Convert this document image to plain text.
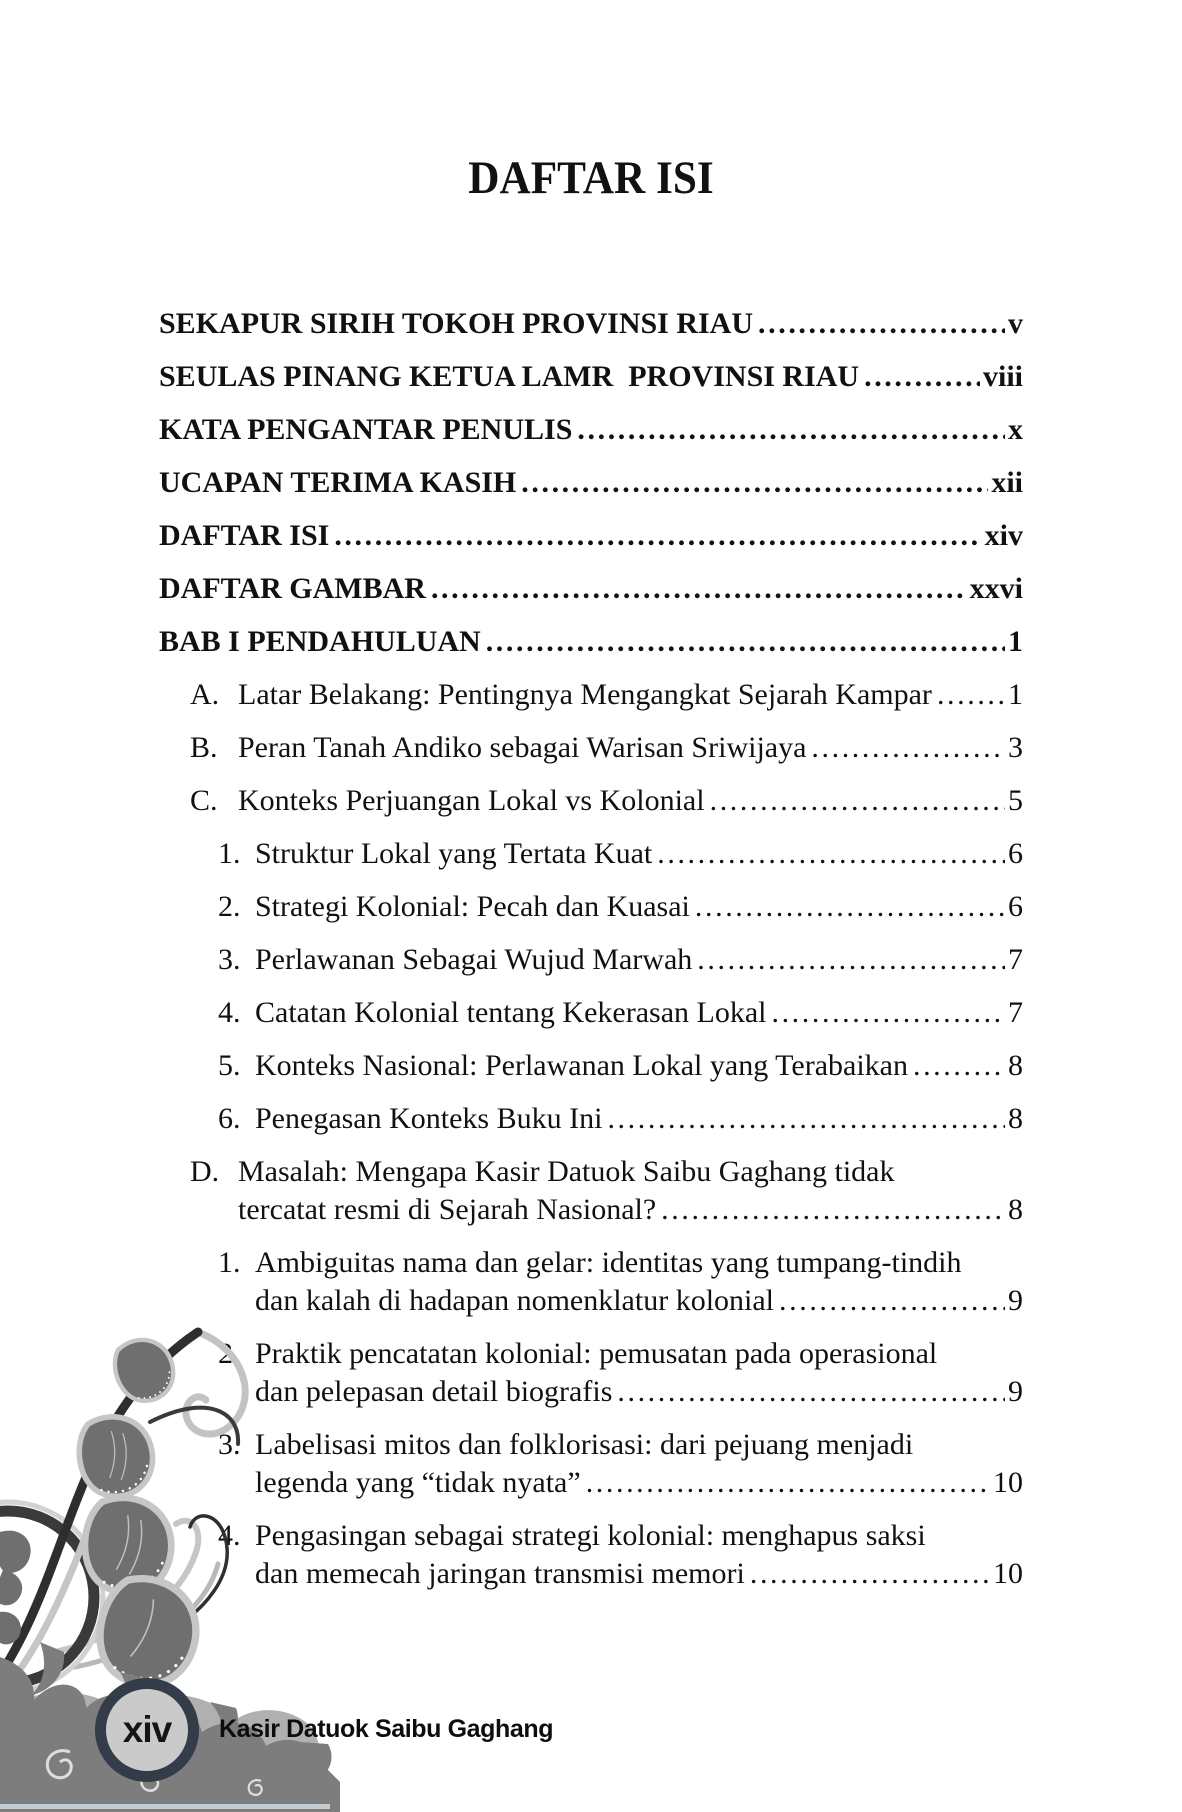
DAFTAR ISI
SEKAPUR SIRIH TOKOH PROVINSI RIAU .....	v
SEULAS PINANG KETUA LAMR  PROVINSI RIAU .....	viii
KATA PENGANTAR PENULIS .....	x
UCAPAN TERIMA KASIH .....	xii
DAFTAR ISI .....	xiv
DAFTAR GAMBAR .....	xxvi
BAB I PENDAHULUAN .....	1
A. Latar Belakang: Pentingnya Mengangkat Sejarah Kampar .....	1
B. Peran Tanah Andiko sebagai Warisan Sriwijaya .....	3
C. Konteks Perjuangan Lokal vs Kolonial .....	5
1. Struktur Lokal yang Tertata Kuat .....	6
2. Strategi Kolonial: Pecah dan Kuasai .....	6
3. Perlawanan Sebagai Wujud Marwah .....	7
4. Catatan Kolonial tentang Kekerasan Lokal .....	7
5. Konteks Nasional: Perlawanan Lokal yang Terabaikan .....	8
6. Penegasan Konteks Buku Ini .....	8
D. Masalah: Mengapa Kasir Datuok Saibu Gaghang tidak
tercatat resmi di Sejarah Nasional? .....	8
1. Ambiguitas nama dan gelar: identitas yang tumpang-tindih
dan kalah di hadapan nomenklatur kolonial .....	9
2. Praktik pencatatan kolonial: pemusatan pada operasional
dan pelepasan detail biografis .....	9
3. Labelisasi mitos dan folklorisasi: dari pejuang menjadi
legenda yang “tidak nyata” .....	10
4. Pengasingan sebagai strategi kolonial: menghapus saksi
dan memecah jaringan transmisi memori .....	10
xiv Kasir Datuok Saibu Gaghang
